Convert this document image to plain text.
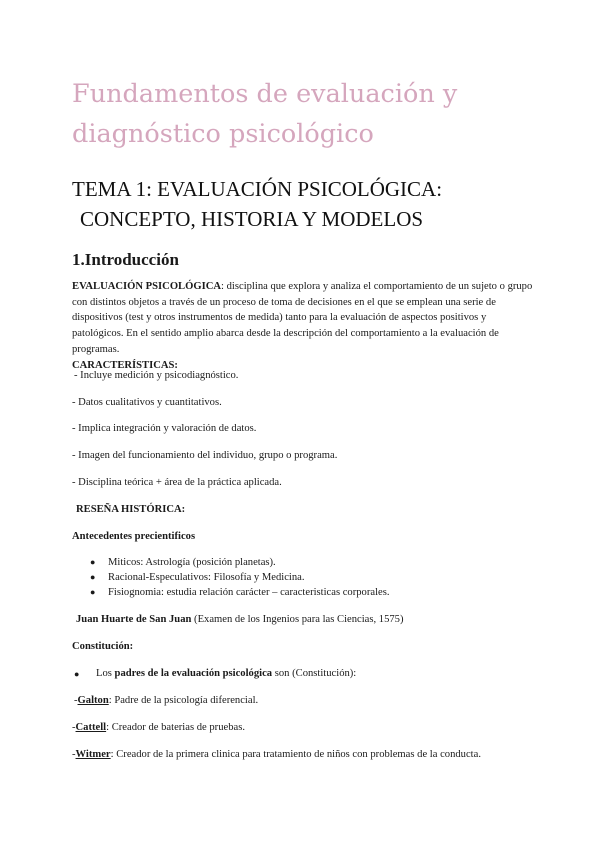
Fundamentos de evaluación y diagnóstico psicológico
TEMA 1: EVALUACIÓN PSICOLÓGICA:
CONCEPTO, HISTORIA Y MODELOS
1.Introducción

EVALUACIÓN PSICOLÓGICA: disciplina que explora y analiza el comportamiento de un sujeto o grupo con distintos objetos a través de un proceso de toma de decisiones en el que se emplean una serie de dispositivos (test y otros instrumentos de medida) tanto para la evaluación de aspectos positivos y patológicos. En el sentido amplio abarca desde la descripción del comportamiento a la evaluación de programas.
CARACTERÍSTICAS:

- Incluye medición y psicodiagnóstico.
- Datos cualitativos y cuantitativos.
- Implica integración y valoración de datos.
- Imagen del funcionamiento del individuo, grupo o programa.
- Disciplina teórica + área de la práctica aplicada.
RESEÑA HISTÓRICA:
Antecedentes precientificos
● Miticos: Astrología (posición planetas).
● Racional-Especulativos: Filosofía y Medicina.
● Fisiognomia: estudia relación carácter – caracteristicas corporales.
Juan Huarte de San Juan (Examen de los Ingenios para las Ciencias, 1575)
Constitución:
● Los padres de la evaluación psicológica son (Constitución):
-Galton: Padre de la psicología diferencial.
-Cattell: Creador de baterias de pruebas.
-Witmer: Creador de la primera clinica para tratamiento de niños con problemas de la conducta.
